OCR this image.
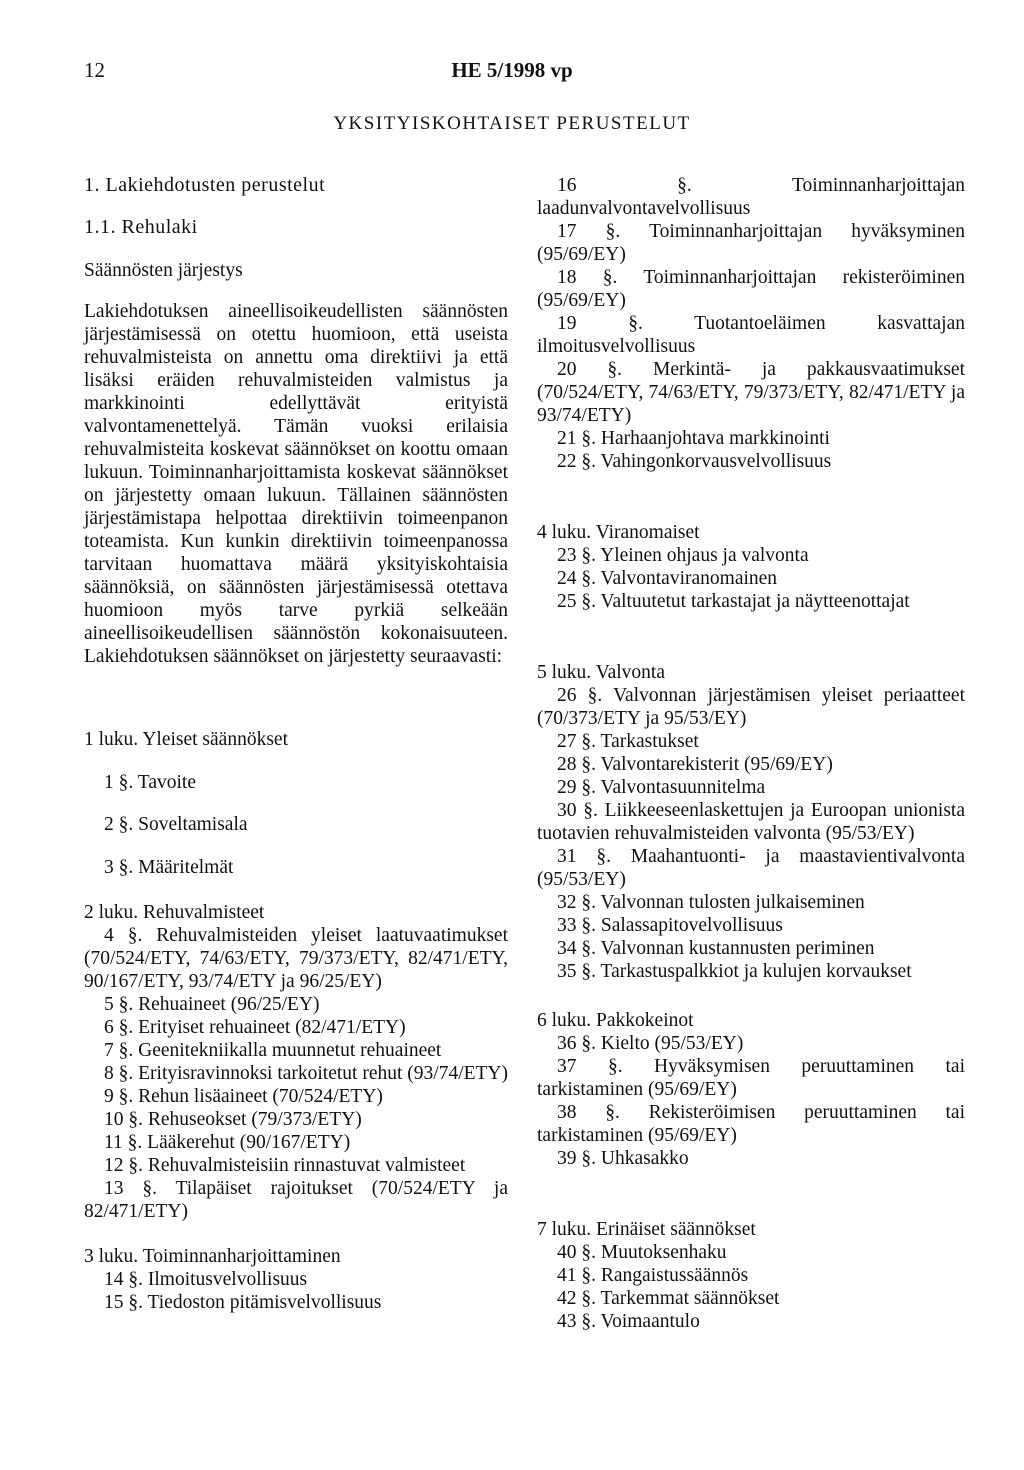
12	HE 5/1998 vp
YKSITYISKOHTAISET PERUSTELUT
1. Lakiehdotusten perustelut
1.1. Rehulaki

Säännösten järjestys

Lakiehdotuksen aineellisoikeudellisten säännösten järjestämisessä on otettu huomioon, että useista rehuvalmisteista on annettu oma direktiivi ja että lisäksi eräiden rehuvalmisteiden valmistus ja markkinointi edellyttävät erityistä valvontamenettelyä. Tämän vuoksi erilaisia rehuvalmisteita koskevat säännökset on koottu omaan lukuun. Toiminnanharjoittamista koskevat säännökset on järjestetty omaan lukuun. Tällainen säännösten järjestämistapa helpottaa direktiivin toimeenpanon toteamista. Kun kunkin direktiivin toimeenpanossa tarvitaan huomattava määrä yksityiskohtaisia säännöksiä, on säännösten järjestämisessä otettava huomioon myös tarve pyrkiä selkeään aineellisoikeudellisen säännöstön kokonaisuuteen. Lakiehdotuksen säännökset on järjestetty seuraavasti:

1 luku. Yleiset säännökset

1 §. Tavoite

2 §. Soveltamisala

3 §. Määritelmät

2 luku. Rehuvalmisteet

4 §. Rehuvalmisteiden yleiset laatuvaatimukset (70/524/ETY, 74/63/ETY, 79/373/ETY, 82/471/ETY, 90/167/ETY, 93/74/ETY ja 96/25/EY)

5 §. Rehuaineet (96/25/EY)

6 §. Erityiset rehuaineet (82/471/ETY)

7 §. Geenitekniikalla muunnetut rehuaineet

8 §. Erityisravinnoksi tarkoitetut rehut (93/74/ETY)

9 §. Rehun lisäaineet (70/524/ETY)

10 §. Rehuseokset (79/373/ETY)

11 §. Lääkerehut (90/167/ETY)

12 §. Rehuvalmisteisiin rinnastuvat valmisteet

13 §. Tilapäiset rajoitukset (70/524/ETY ja 82/471/ETY)

3 luku. Toiminnanharjoittaminen

14 §. Ilmoitusvelvollisuus

15 §. Tiedoston pitämisvelvollisuus

16 §. Toiminnanharjoittajan laadunvalvontavelvollisuus

17 §. Toiminnanharjoittajan hyväksyminen (95/69/EY)

18 §. Toiminnanharjoittajan rekisteröiminen (95/69/EY)

19 §. Tuotantoeläimen kasvattajan ilmoitusvelvollisuus

20 §. Merkintä- ja pakkausvaatimukset (70/524/ETY, 74/63/ETY, 79/373/ETY, 82/471/ETY ja 93/74/ETY)

21 §. Harhaanjohtava markkinointi

22 §. Vahingonkorvausvelvollisuus

4 luku. Viranomaiset

23 §. Yleinen ohjaus ja valvonta

24 §. Valvontaviranomainen

25 §. Valtuutetut tarkastajat ja näytteenottajat

5 luku. Valvonta

26 §. Valvonnan järjestämisen yleiset periaatteet (70/373/ETY ja 95/53/EY)

27 §. Tarkastukset

28 §. Valvontarekisterit (95/69/EY)

29 §. Valvontasuunnitelma

30 §. Liikkeeseenlaskettujen ja Euroopan unionista tuotavien rehuvalmisteiden valvonta (95/53/EY)

31 §. Maahantuonti- ja maastavientivalvonta (95/53/EY)

32 §. Valvonnan tulosten julkaiseminen

33 §. Salassapitovelvollisuus

34 §. Valvonnan kustannusten periminen

35 §. Tarkastuspalkkiot ja kulujen korvaukset

6 luku. Pakkokeinot

36 §. Kielto (95/53/EY)

37 §. Hyväksymisen peruuttaminen tai tarkistaminen (95/69/EY)

38 §. Rekisteröimisen peruuttaminen tai tarkistaminen (95/69/EY)

39 §. Uhkasakko

7 luku. Erinäiset säännökset

40 §. Muutoksenhaku

41 §. Rangaistussäännös

42 §. Tarkemmat säännökset

43 §. Voimaantulo
